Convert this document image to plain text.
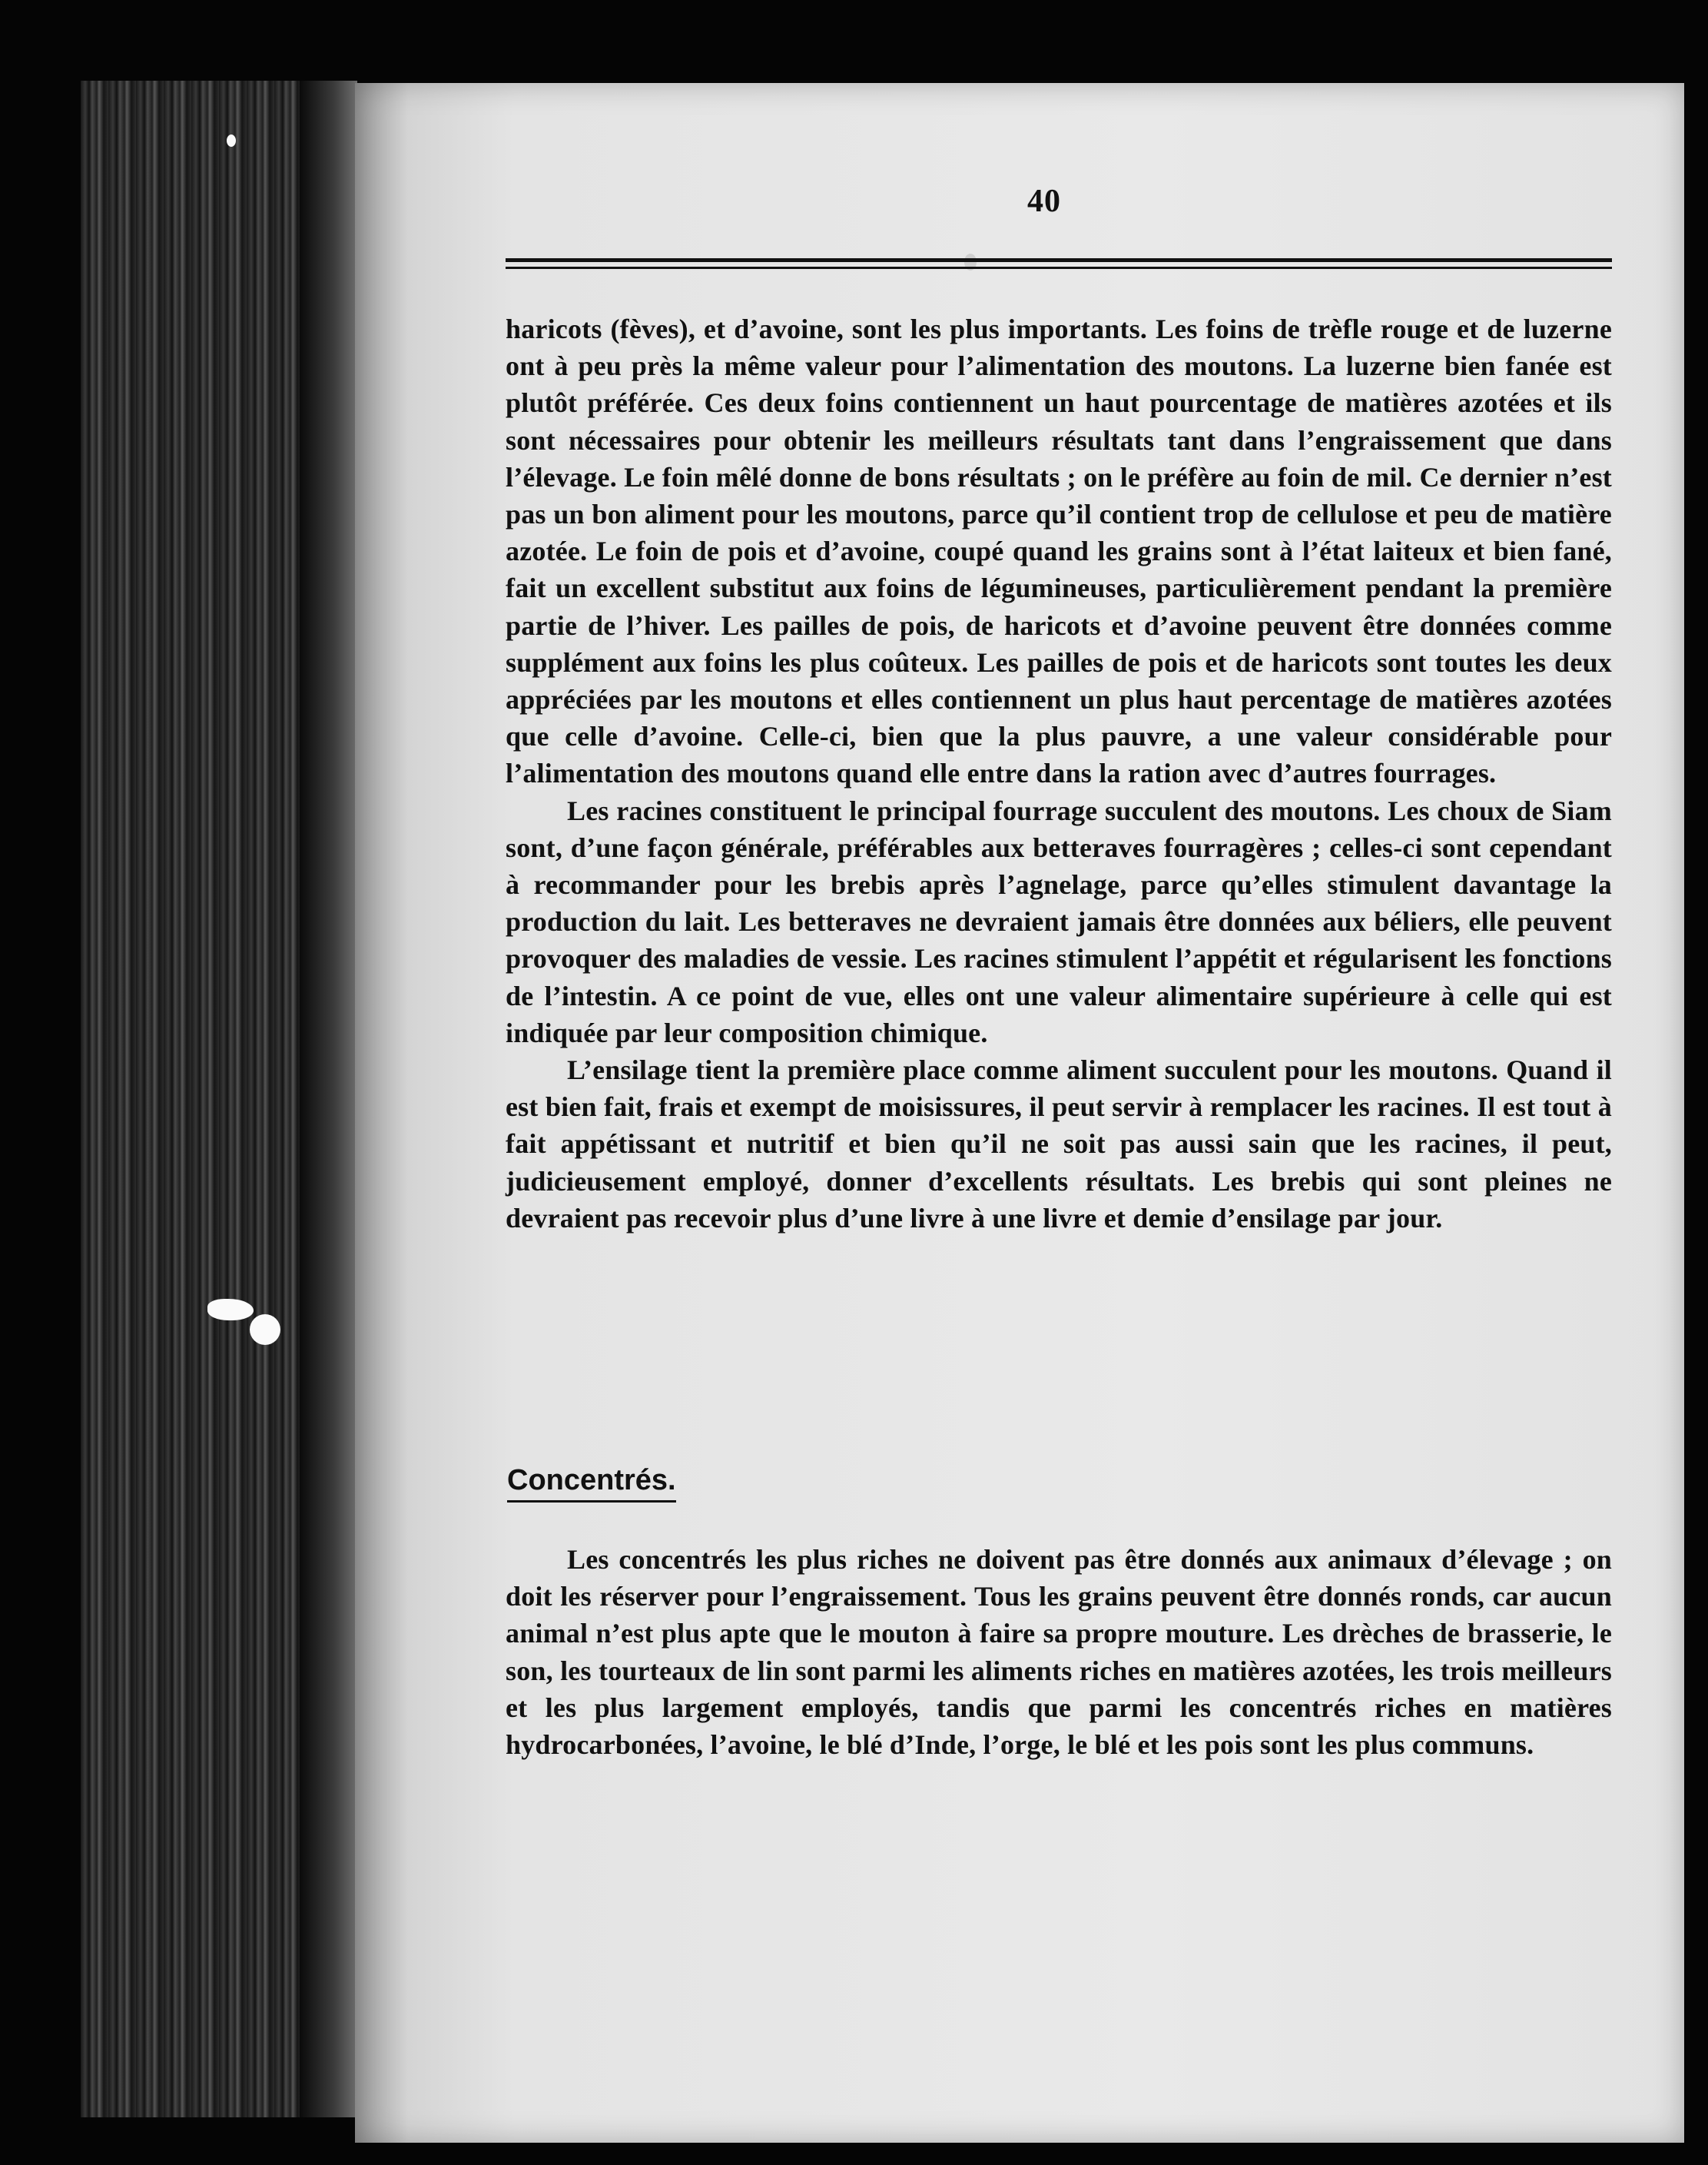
40

haricots (fèves), et d’avoine, sont les plus importants. Les foins de trèfle rouge et de luzerne ont à peu près la même valeur pour l’alimentation des moutons. La luzerne bien fanée est plutôt préférée. Ces deux foins contiennent un haut pourcentage de matières azotées et ils sont nécessaires pour obtenir les meilleurs résultats tant dans l’engraissement que dans l’élevage. Le foin mêlé donne de bons résultats ; on le préfère au foin de mil. Ce dernier n’est pas un bon aliment pour les moutons, parce qu’il contient trop de cellulose et peu de matière azotée. Le foin de pois et d’avoine, coupé quand les grains sont à l’état laiteux et bien fané, fait un excellent substitut aux foins de légumineuses, particulièrement pendant la première partie de l’hiver. Les pailles de pois, de haricots et d’avoine peuvent être données comme supplément aux foins les plus coûteux. Les pailles de pois et de haricots sont toutes les deux appréciées par les moutons et elles contiennent un plus haut percentage de matières azotées que celle d’avoine. Celle-ci, bien que la plus pauvre, a une valeur considérable pour l’alimentation des moutons quand elle entre dans la ration avec d’autres fourrages.

Les racines constituent le principal fourrage succulent des moutons. Les choux de Siam sont, d’une façon générale, préférables aux betteraves fourragères ; celles-ci sont cependant à recommander pour les brebis après l’agnelage, parce qu’elles stimulent davantage la production du lait. Les betteraves ne devraient jamais être données aux béliers, elle peuvent provoquer des maladies de vessie. Les racines stimulent l’appétit et régularisent les fonctions de l’intestin. A ce point de vue, elles ont une valeur alimentaire supérieure à celle qui est indiquée par leur composition chimique.

L’ensilage tient la première place comme aliment succulent pour les moutons. Quand il est bien fait, frais et exempt de moisissures, il peut servir à remplacer les racines. Il est tout à fait appétissant et nutritif et bien qu’il ne soit pas aussi sain que les racines, il peut, judicieusement employé, donner d’excellents résultats. Les brebis qui sont pleines ne devraient pas recevoir plus d’une livre à une livre et demie d’ensilage par jour.

Concentrés.

Les concentrés les plus riches ne doivent pas être donnés aux animaux d’élevage ; on doit les réserver pour l’engraissement. Tous les grains peuvent être donnés ronds, car aucun animal n’est plus apte que le mouton à faire sa propre mouture. Les drèches de brasserie, le son, les tourteaux de lin sont parmi les aliments riches en matières azotées, les trois meilleurs et les plus largement employés, tandis que parmi les concentrés riches en matières hydrocarbonées, l’avoine, le blé d’Inde, l’orge, le blé et les pois sont les plus communs.
